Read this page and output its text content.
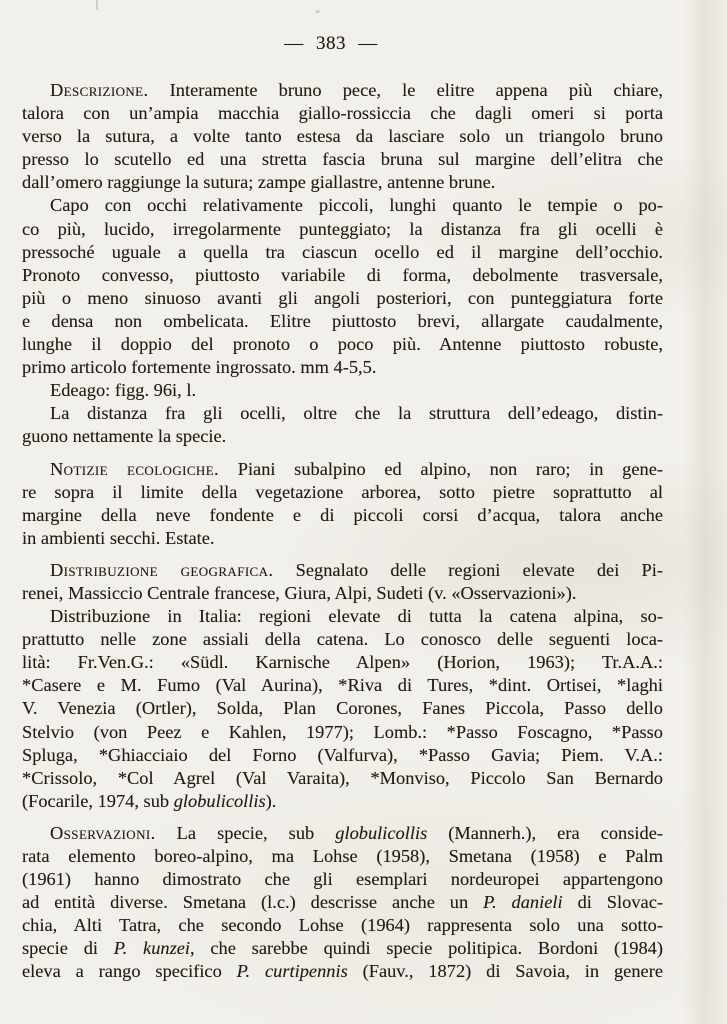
— 383 —
Descrizione. Interamente bruno pece, le elitre appena più chiare,
talora con un’ampia macchia giallo-rossiccia che dagli omeri si porta
verso la sutura, a volte tanto estesa da lasciare solo un triangolo bruno
presso lo scutello ed una stretta fascia bruna sul margine dell’elitra che
dall’omero raggiunge la sutura; zampe giallastre, antenne brune.
Capo con occhi relativamente piccoli, lunghi quanto le tempie o po-
co più, lucido, irregolarmente punteggiato; la distanza fra gli ocelli è
pressoché uguale a quella tra ciascun ocello ed il margine dell’occhio.
Pronoto convesso, piuttosto variabile di forma, debolmente trasversale,
più o meno sinuoso avanti gli angoli posteriori, con punteggiatura forte
e densa non ombelicata. Elitre piuttosto brevi, allargate caudalmente,
lunghe il doppio del pronoto o poco più. Antenne piuttosto robuste,
primo articolo fortemente ingrossato. mm 4-5,5.
Edeago: figg. 96i, l.
La distanza fra gli ocelli, oltre che la struttura dell’edeago, distin-
guono nettamente la specie.
Notizie ecologiche. Piani subalpino ed alpino, non raro; in gene-
re sopra il limite della vegetazione arborea, sotto pietre soprattutto al
margine della neve fondente e di piccoli corsi d’acqua, talora anche
in ambienti secchi. Estate.
Distribuzione geografica. Segnalato delle regioni elevate dei Pi-
renei, Massiccio Centrale francese, Giura, Alpi, Sudeti (v. «Osservazioni»).
Distribuzione in Italia: regioni elevate di tutta la catena alpina, so-
prattutto nelle zone assiali della catena. Lo conosco delle seguenti loca-
lità: Fr.Ven.G.: «Südl. Karnische Alpen» (Horion, 1963); Tr.A.A.:
*Casere e M. Fumo (Val Aurina), *Riva di Tures, *dint. Ortisei, *laghi
V. Venezia (Ortler), Solda, Plan Corones, Fanes Piccola, Passo dello
Stelvio (von Peez e Kahlen, 1977); Lomb.: *Passo Foscagno, *Passo
Spluga, *Ghiacciaio del Forno (Valfurva), *Passo Gavia; Piem. V.A.:
*Crissolo, *Col Agrel (Val Varaita), *Monviso, Piccolo San Bernardo
(Focarile, 1974, sub globulicollis).
Osservazioni. La specie, sub globulicollis (Mannerh.), era conside-
rata elemento boreo-alpino, ma Lohse (1958), Smetana (1958) e Palm
(1961) hanno dimostrato che gli esemplari nordeuropei appartengono
ad entità diverse. Smetana (l.c.) descrisse anche un P. danieli di Slovac-
chia, Alti Tatra, che secondo Lohse (1964) rappresenta solo una sotto-
specie di P. kunzei, che sarebbe quindi specie politipica. Bordoni (1984)
eleva a rango specifico P. curtipennis (Fauv., 1872) di Savoia, in genere
